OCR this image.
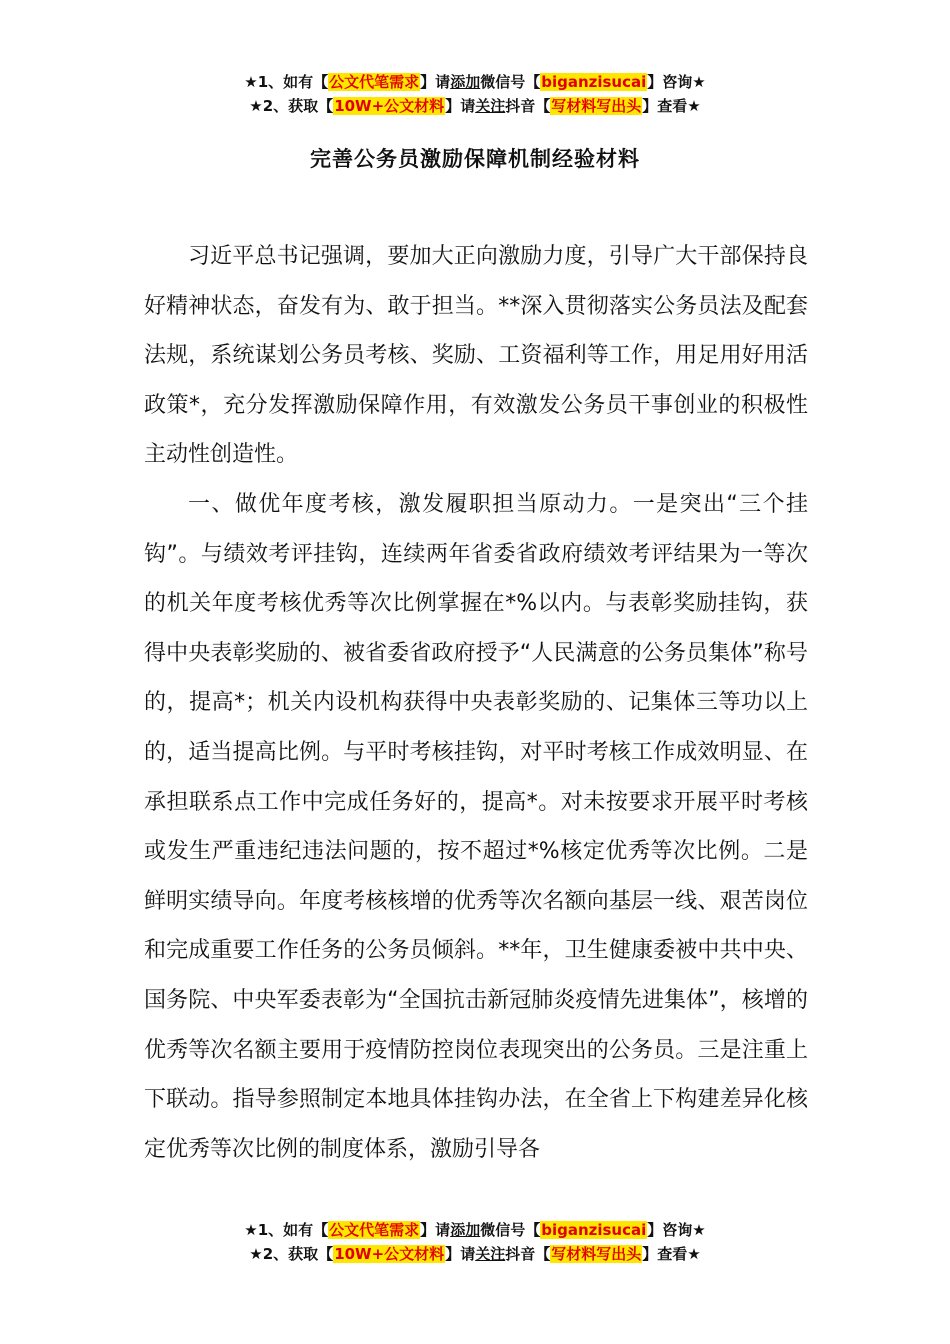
★1、如有【公文代笔需求】请添加微信号【biganzisucai】咨询★
★2、获取【10W+公文材料】请关注抖音【写材料写出头】查看★
完善公务员激励保障机制经验材料

习近平总书记强调，要加大正向激励力度，引导广大干部保持良好精神状态，奋发有为、敢于担当。**深入贯彻落实公务员法及配套法规，系统谋划公务员考核、奖励、工资福利等工作，用足用好用活政策*，充分发挥激励保障作用，有效激发公务员干事创业的积极性主动性创造性。

一、做优年度考核，激发履职担当原动力。一是突出“三个挂钩”。与绩效考评挂钩，连续两年省委省政府绩效考评结果为一等次的机关年度考核优秀等次比例掌握在*%以内。与表彰奖励挂钩，获得中央表彰奖励的、被省委省政府授予“人民满意的公务员集体”称号的，提高*；机关内设机构获得中央表彰奖励的、记集体三等功以上的，适当提高比例。与平时考核挂钩，对平时考核工作成效明显、在承担联系点工作中完成任务好的，提高*。对未按要求开展平时考核或发生严重违纪违法问题的，按不超过*%核定优秀等次比例。二是鲜明实绩导向。年度考核核增的优秀等次名额向基层一线、艰苦岗位和完成重要工作任务的公务员倾斜。**年，卫生健康委被中共中央、国务院、中央军委表彰为“全国抗击新冠肺炎疫情先进集体”，核增的优秀等次名额主要用于疫情防控岗位表现突出的公务员。三是注重上下联动。指导参照制定本地具体挂钩办法，在全省上下构建差异化核定优秀等次比例的制度体系，激励引导各

★1、如有【公文代笔需求】请添加微信号【biganzisucai】咨询★
★2、获取【10W+公文材料】请关注抖音【写材料写出头】查看★
